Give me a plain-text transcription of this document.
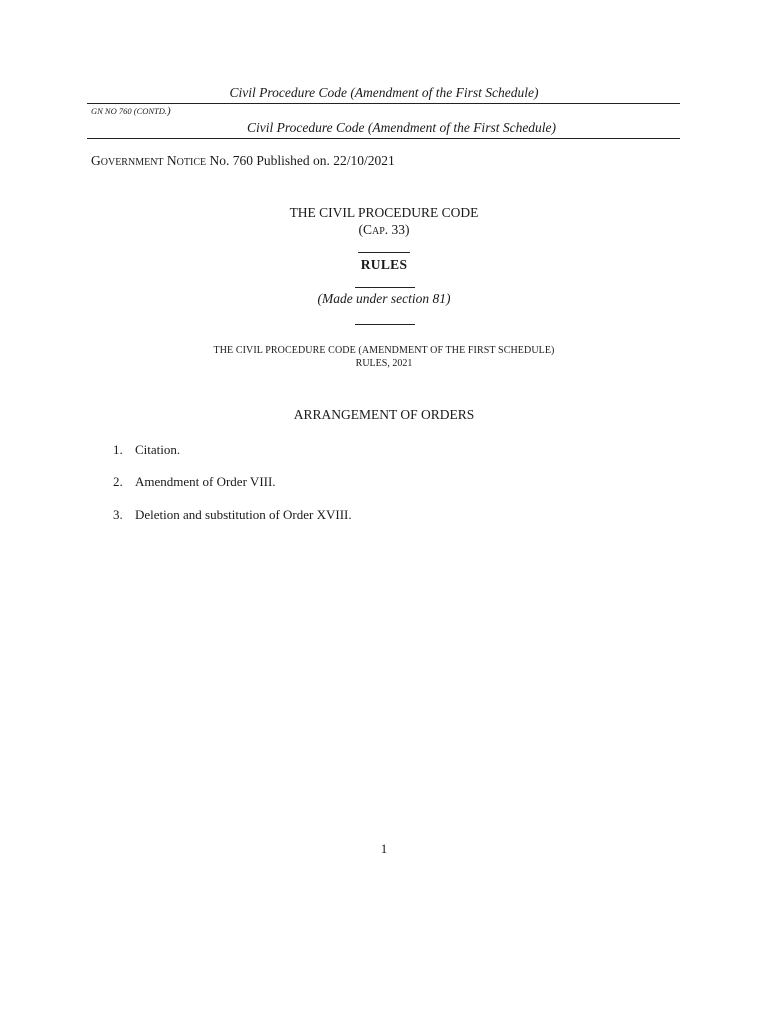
Civil Procedure Code (Amendment of the First Schedule)
GN NO 760 (CONTD.)
Civil Procedure Code (Amendment of the First Schedule)
GOVERNMENT NOTICE No. 760 Published on. 22/10/2021
THE CIVIL PROCEDURE CODE
(CAP. 33)
RULES
(Made under section 81)
THE CIVIL PROCEDURE CODE (AMENDMENT OF THE FIRST SCHEDULE)
RULES, 2021
ARRANGEMENT OF ORDERS
1. Citation.
2. Amendment of Order VIII.
3. Deletion and substitution of Order XVIII.
1
